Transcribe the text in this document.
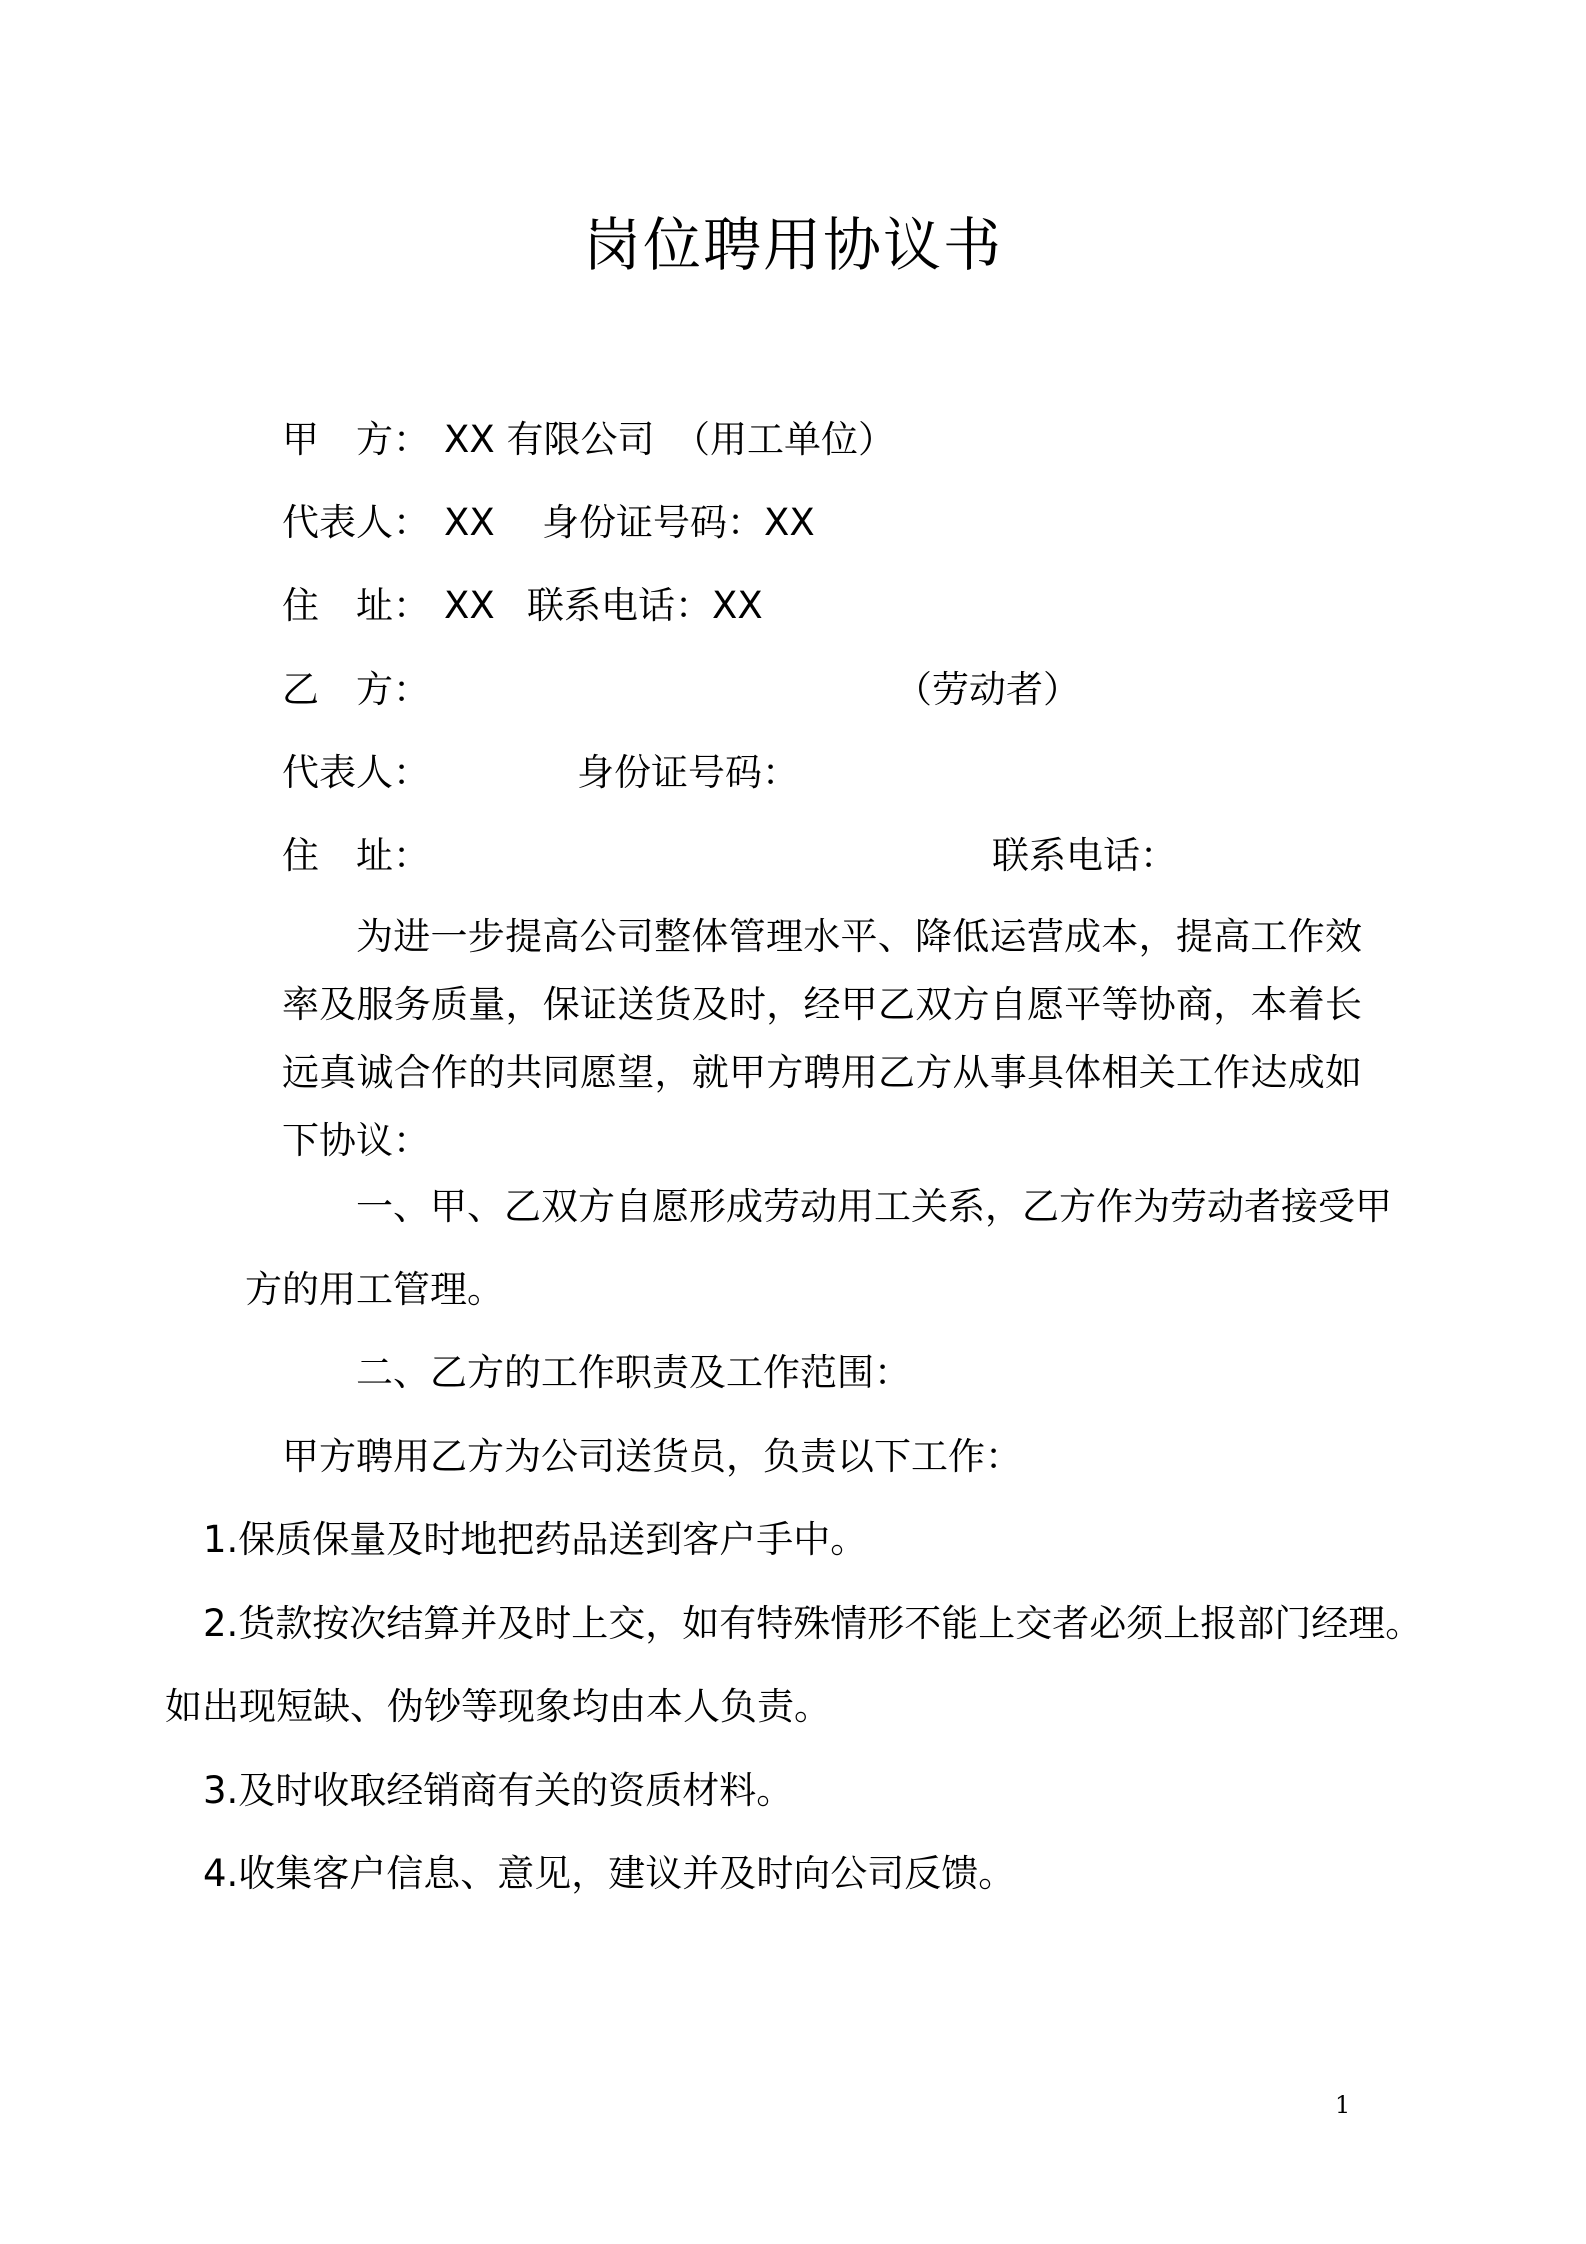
岗位聘用协议书
甲　方： XX 有限公司　（用工单位）
代表人： XX 身份证号码：XX
住　址： XX 联系电话：XX
乙　方：	（劳动者）
代表人：	身份证号码：
住　址：	联系电话：
为进一步提高公司整体管理水平、降低运营成本，提高工作效率及服务质量，保证送货及时，经甲乙双方自愿平等协商，本着长远真诚合作的共同愿望，就甲方聘用乙方从事具体相关工作达成如下协议：
一、甲、乙双方自愿形成劳动用工关系，乙方作为劳动者接受甲
方的用工管理。
二、乙方的工作职责及工作范围：
甲方聘用乙方为公司送货员，负责以下工作：
1.保质保量及时地把药品送到客户手中。
2.货款按次结算并及时上交，如有特殊情形不能上交者必须上报部门经理。
如出现短缺、伪钞等现象均由本人负责。
3.及时收取经销商有关的资质材料。
4.收集客户信息、意见，建议并及时向公司反馈。
1
